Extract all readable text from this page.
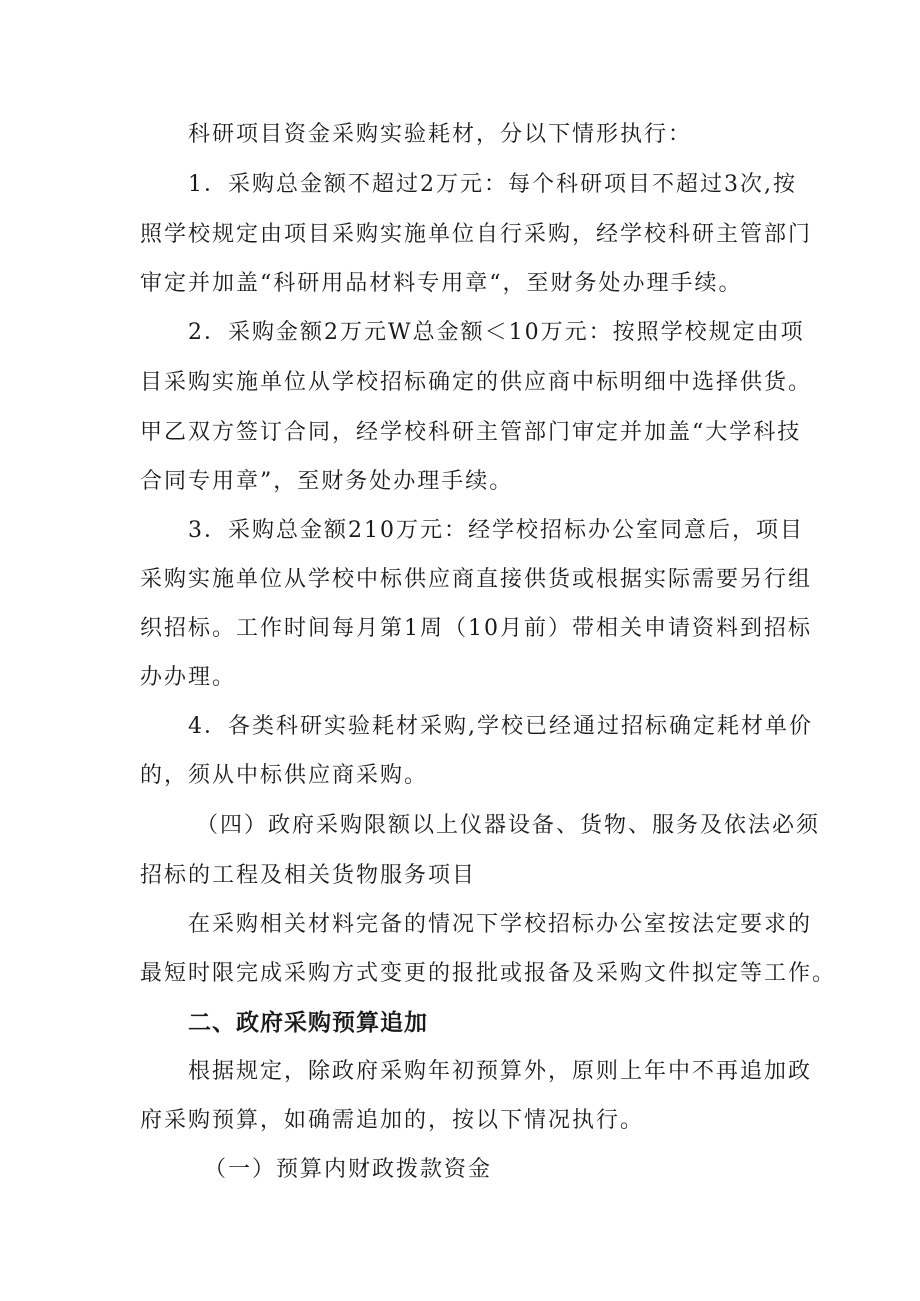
科研项目资金采购实验耗材，分以下情形执行：
1．采购总金额不超过2万元：每个科研项目不超过3次,按
照学校规定由项目采购实施单位自行采购，经学校科研主管部门
审定并加盖“科研用品材料专用章“，至财务处办理手续。
2．采购金额2万元W总金额＜10万元：按照学校规定由项
目采购实施单位从学校招标确定的供应商中标明细中选择供货。
甲乙双方签订合同，经学校科研主管部门审定并加盖“大学科技
合同专用章”，至财务处办理手续。
3．采购总金额210万元：经学校招标办公室同意后，项目
采购实施单位从学校中标供应商直接供货或根据实际需要另行组
织招标。工作时间每月第1周（10月前）带相关申请资料到招标
办办理。
4．各类科研实验耗材采购,学校已经通过招标确定耗材单价
的，须从中标供应商采购。
（四）政府采购限额以上仪器设备、货物、服务及依法必须
招标的工程及相关货物服务项目
在采购相关材料完备的情况下学校招标办公室按法定要求的
最短时限完成采购方式变更的报批或报备及采购文件拟定等工作。
二、政府采购预算追加
根据规定，除政府采购年初预算外，原则上年中不再追加政
府采购预算，如确需追加的，按以下情况执行。
（一）预算内财政拨款资金
